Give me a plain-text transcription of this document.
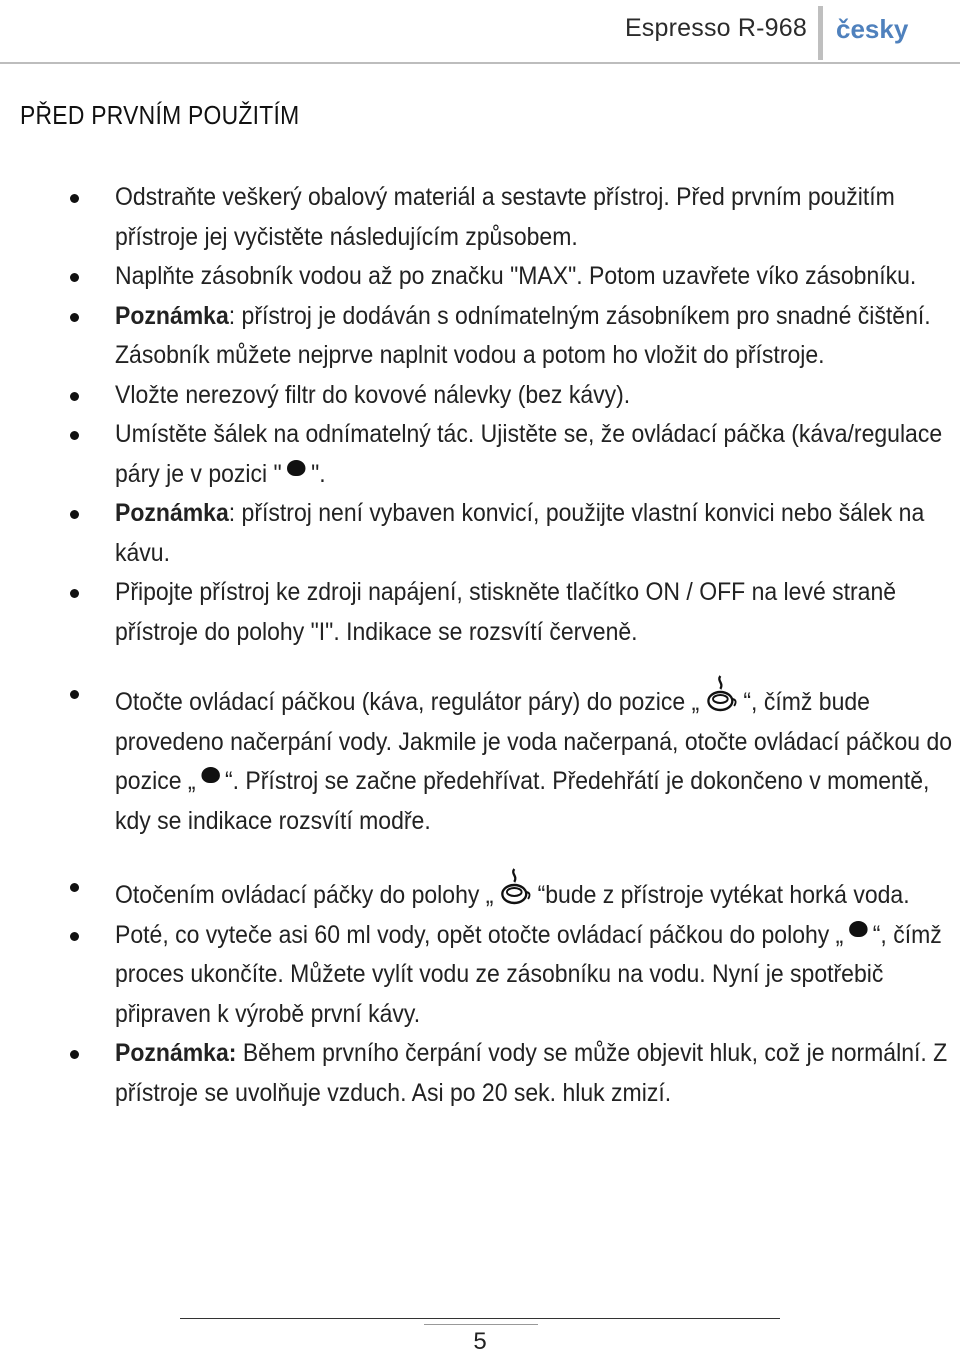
Espresso R-968 česky
PŘED PRVNÍM POUŽITÍM
Odstraňte veškerý obalový materiál a sestavte přístroj. Před prvním použitím přístroje jej vyčistěte následujícím způsobem.
Naplňte zásobník vodou až po značku "MAX". Potom uzavřete víko zásobníku.
Poznámka: přístroj je dodáván s odnímatelným zásobníkem pro snadné čištění. Zásobník můžete nejprve naplnit vodou a potom ho vložit do přístroje.
Vložte nerezový filtr do kovové nálevky (bez kávy).
Umístěte šálek na odnímatelný tác. Ujistěte se, že ovládací páčka (káva/regulace páry je v pozici " ".
Poznámka: přístroj není vybaven konvicí, použijte vlastní konvici nebo šálek na kávu.
Připojte přístroj ke zdroji napájení, stiskněte tlačítko ON / OFF na levé straně přístroje do polohy "I". Indikace se rozsvítí červeně.
Otočte ovládací páčkou (káva, regulátor páry) do pozice „ “, čímž bude provedeno načerpání vody. Jakmile je voda načerpaná, otočte ovládací páčkou do pozice „ “. Přístroj se začne předehřívat. Předehřátí je dokončeno v momentě, kdy se indikace rozsvítí modře.
Otočením ovládací páčky do polohy „ “bude z přístroje vytékat horká voda.
Poté, co vyteče asi 60 ml vody, opět otočte ovládací páčkou do polohy „ “, čímž proces ukončíte. Můžete vylít vodu ze zásobníku na vodu. Nyní je spotřebič připraven k výrobě první kávy.
Poznámka: Během prvního čerpání vody se může objevit hluk, což je normální. Z přístroje se uvolňuje vzduch. Asi po 20 sek. hluk zmizí.
5
